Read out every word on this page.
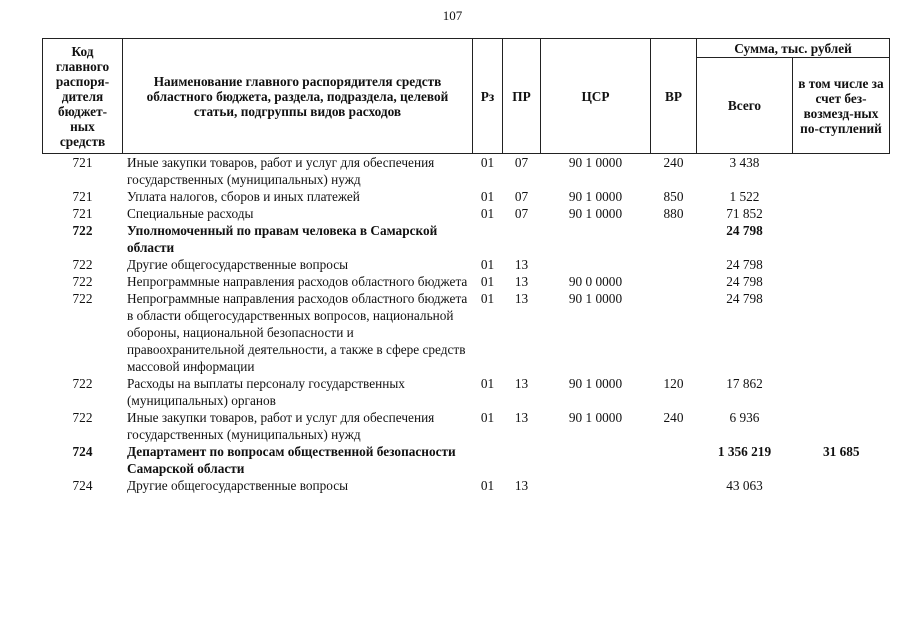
107
Код главного распоря-дителя бюджет-ных средств	Наименование главного распорядителя средств областного бюджета, раздела, подраздела, целевой статьи, подгруппы видов расходов	Рз	ПР	ЦСР	ВР	Сумма, тыс. рублей	
						Всего	в том числе за счет без-возмезд-ных по-ступлений
721	Иные закупки товаров, работ и услуг для обеспечения государственных (муниципальных) нужд	01	07	90 1 0000	240	3 438	
721	Уплата налогов, сборов и иных платежей	01	07	90 1 0000	850	1 522	
721	Специальные расходы	01	07	90 1 0000	880	71 852	
722	Уполномоченный по правам человека в Самарской области					24 798	
722	Другие общегосударственные вопросы	01	13			24 798	
722	Непрограммные направления расходов областного бюджета	01	13	90 0 0000		24 798	
722	Непрограммные направления расходов областного бюджета в области общегосударственных вопросов, национальной обороны, национальной безопасности и правоохранительной деятельности, а также в сфере средств массовой информации	01	13	90 1 0000		24 798	
722	Расходы на выплаты персоналу государственных (муниципальных) органов	01	13	90 1 0000	120	17 862	
722	Иные закупки товаров, работ и услуг для обеспечения государственных (муниципальных) нужд	01	13	90 1 0000	240	6 936	
724	Департамент по вопросам общественной безопасности Самарской области					1 356 219	31 685
724	Другие общегосударственные вопросы	01	13			43 063	
